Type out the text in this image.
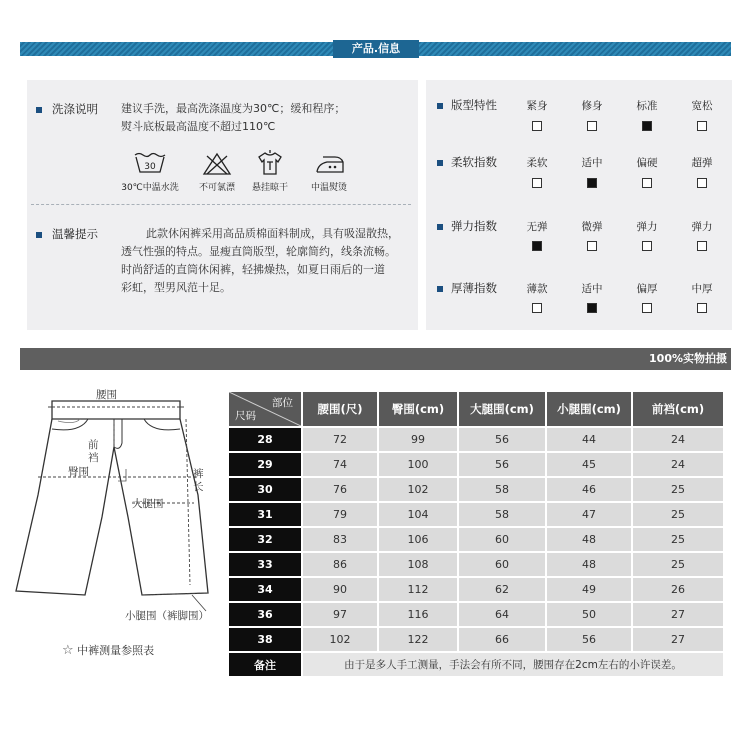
产品.信息
洗涤说明 建议手洗，最高洗涤温度为30℃；缓和程序；
熨斗底板最高温度不超过110℃
30
30℃中温水洗	不可氯漂	悬挂晾干	中温熨烫
温馨提示	此款休闲裤采用高品质棉面料制成，具有吸湿散热，
透气性强的特点。显瘦直筒版型，轮廓简约，线条流畅。
时尚舒适的直筒休闲裤，轻拂燥热，如夏日雨后的一道
彩虹，型男风范十足。
版型特性	紧身	修身	标准	宽松
柔软指数	柔软	适中	偏硬	超弹
弹力指数	无弹	微弹	弹力	弹力
厚薄指数	薄款	适中	偏厚	中厚
100%实物拍摄
腰围
前
裆
臀围	裤
长
大腿围
小腿围（裤脚围）
☆ 中裤测量参照表
部位
尺码	腰围(尺)	臀围(cm)	大腿围(cm)	小腿围(cm)	前裆(cm)
28	72	99	56	44	24
29	74	100	56	45	24
30	76	102	58	46	25
31	79	104	58	47	25
32	83	106	60	48	25
33	86	108	60	48	25
34	90	112	62	49	26
36	97	116	64	50	27
38	102	122	66	56	27
备注	由于是多人手工测量，手法会有所不同，腰围存在2cm左右的小许误差。				
